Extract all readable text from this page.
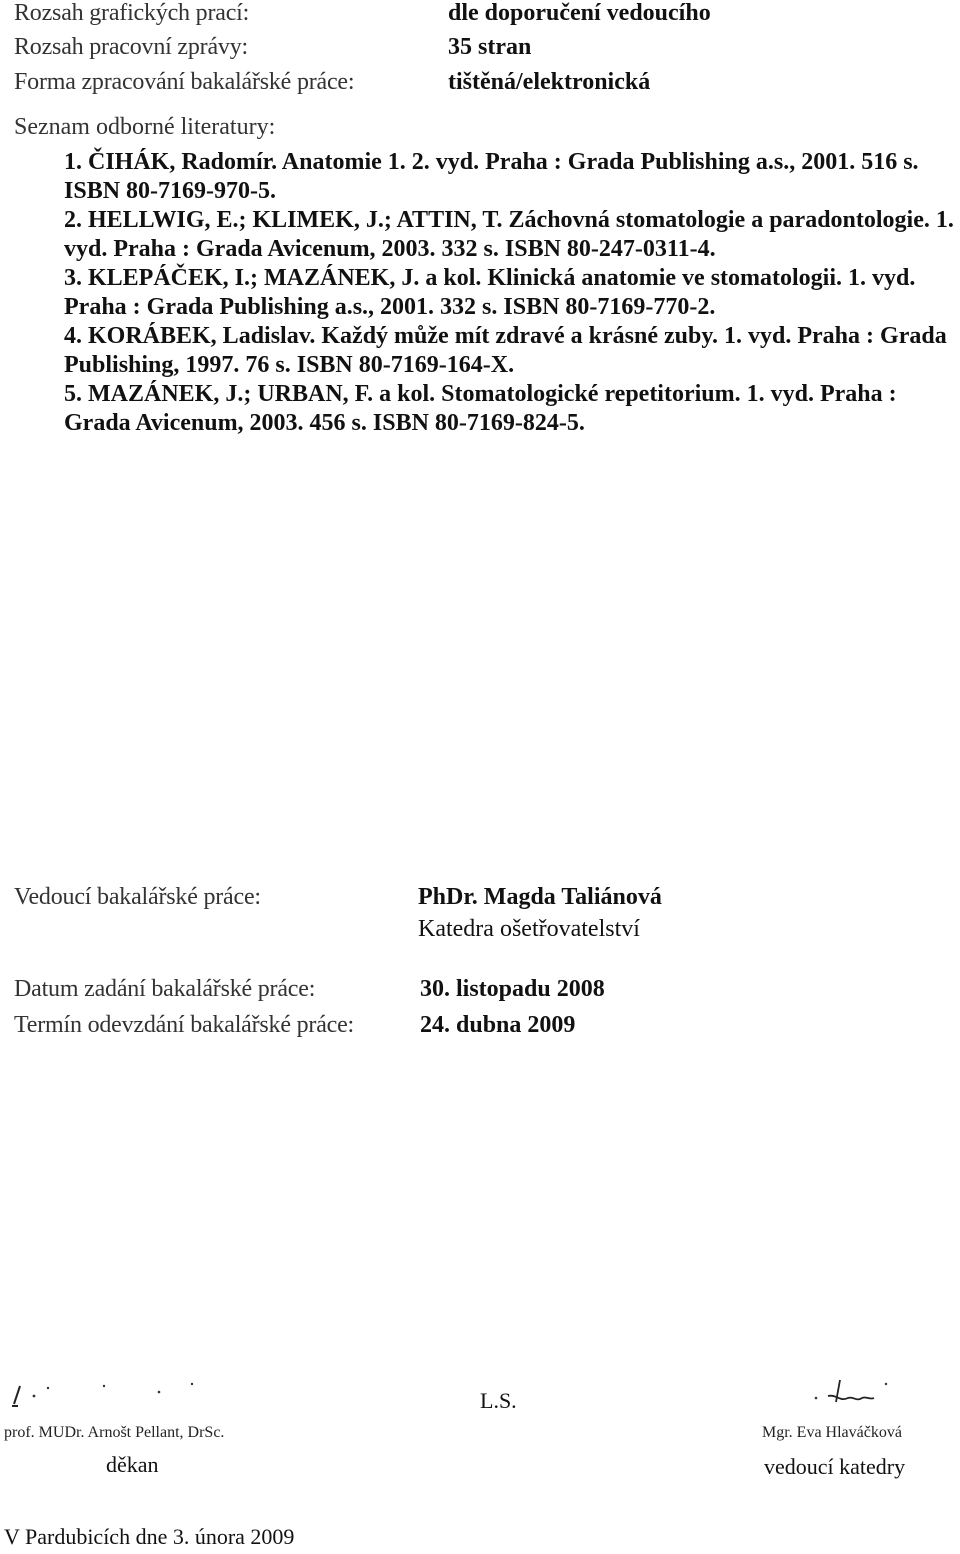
Rozsah grafických prací:	dle doporučení vedoucího
Rozsah pracovní zprávy:	35 stran
Forma zpracování bakalářské práce:	tištěná/elektronická
Seznam odborné literatury:

1. ČIHÁK, Radomír. Anatomie 1. 2. vyd. Praha : Grada Publishing a.s., 2001. 516 s. ISBN 80-7169-970-5.

2. HELLWIG, E.; KLIMEK, J.; ATTIN, T. Záchovná stomatologie a paradontologie. 1. vyd. Praha : Grada Avicenum, 2003. 332 s. ISBN 80-247-0311-4.

3. KLEPÁČEK, I.; MAZÁNEK, J. a kol. Klinická anatomie ve stomatologii. 1. vyd. Praha : Grada Publishing a.s., 2001. 332 s. ISBN 80-7169-770-2.

4. KORÁBEK, Ladislav. Každý může mít zdravé a krásné zuby. 1. vyd. Praha : Grada Publishing, 1997. 76 s. ISBN 80-7169-164-X.

5. MAZÁNEK, J.; URBAN, F. a kol. Stomatologické repetitorium. 1. vyd. Praha : Grada Avicenum, 2003. 456 s. ISBN 80-7169-824-5.

Vedoucí bakalářské práce:	PhDr. Magda Taliánová
Katedra ošetřovatelství
Datum zadání bakalářské práce:	30. listopadu 2008
Termín odevzdání bakalářské práce:	24. dubna 2009
L.S.
prof. MUDr. Arnošt Pellant, DrSc.	Mgr. Eva Hlaváčková
děkan	vedoucí katedry
V Pardubicích dne 3. února 2009
